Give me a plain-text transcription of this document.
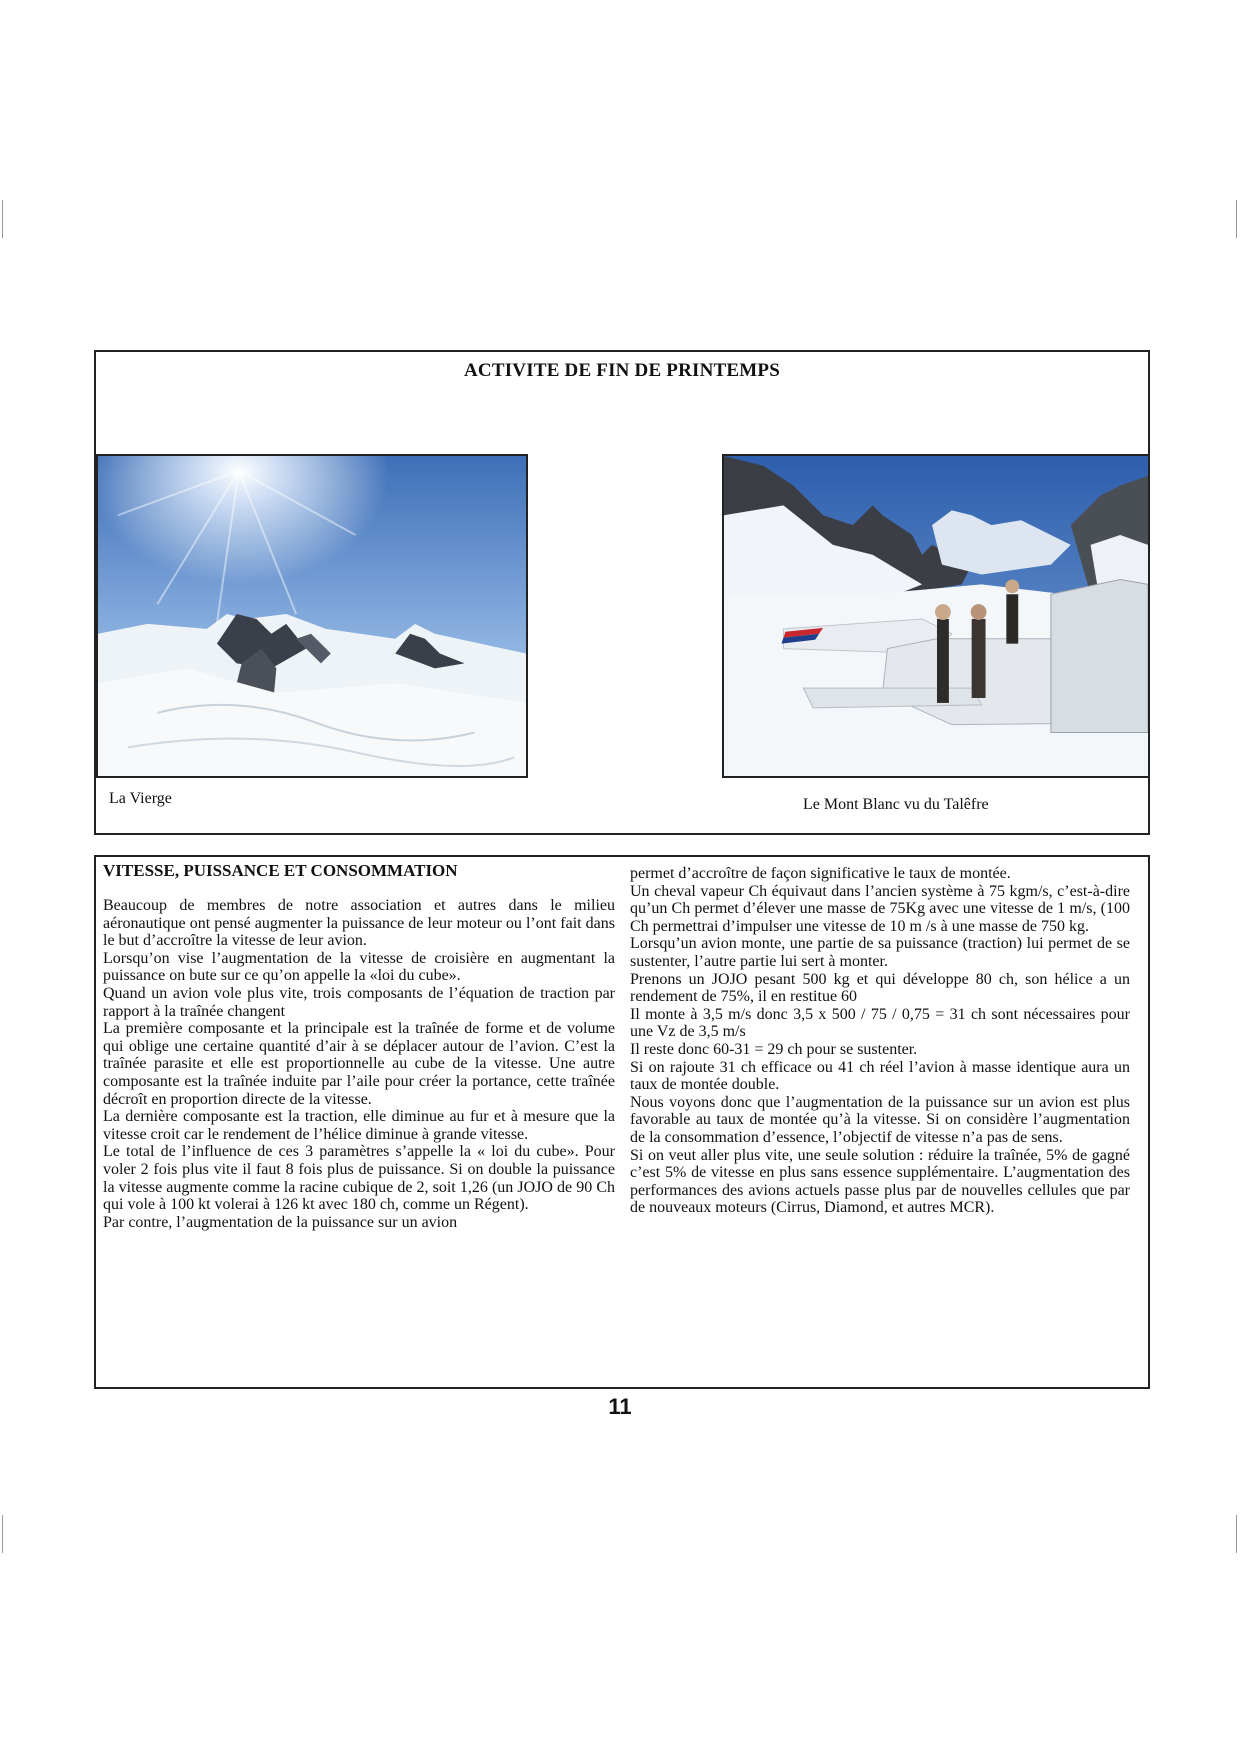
ACTIVITE DE FIN DE PRINTEMPS
La Vierge	Le Mont Blanc vu du Talêfre
VITESSE, PUISSANCE ET CONSOMMATION

Beaucoup de membres de notre association et autres dans le milieu aéronautique ont pensé augmenter la puissance de leur moteur ou l’ont fait dans le but d’accroître la vitesse de leur avion.

Lorsqu’on vise l’augmentation de la vitesse de croisière en augmentant la puissance on bute sur ce qu’on appelle la «loi du cube».

Quand un avion vole plus vite, trois composants de l’équation de traction par rapport à la traînée changent

La première composante et la principale est la traînée de forme et de volume qui oblige une certaine quantité d’air à se déplacer autour de l’avion. C’est la traînée parasite et elle est proportionnelle au cube de la vitesse. Une autre composante est la traînée induite par l’aile pour créer la portance, cette traînée décroît en proportion directe de la vitesse.

La dernière composante est la traction, elle diminue au fur et à mesure que la vitesse croit car le rendement de l’hélice diminue à grande vitesse.

Le total de l’influence de ces 3 paramètres s’appelle la « loi du cube». Pour voler 2 fois plus vite il faut 8 fois plus de puissance. Si on double la puissance la vitesse augmente comme la racine cubique de 2, soit 1,26 (un JOJO de 90 Ch qui vole à 100 kt volerai à 126 kt avec 180 ch, comme un Régent).

Par contre, l’augmentation de la puissance sur un avion

permet d’accroître de façon significative le taux de montée.

Un cheval vapeur Ch équivaut dans l’ancien système à 75 kgm/s, c’est-à-dire qu’un Ch permet d’élever une masse de 75Kg avec une vitesse de 1 m/s, (100 Ch permettrai d’impulser une vitesse de 10 m /s à une masse de 750 kg.

Lorsqu’un avion monte, une partie de sa puissance (traction) lui permet de se sustenter, l’autre partie lui sert à monter.

Prenons un JOJO pesant 500 kg et qui développe 80 ch, son hélice a un rendement de 75%, il en restitue 60

Il monte à 3,5 m/s donc 3,5 x 500 / 75 / 0,75 = 31 ch sont nécessaires pour une Vz de 3,5 m/s

Il reste donc 60-31 = 29 ch pour se sustenter.

Si on rajoute 31 ch efficace ou 41 ch réel l’avion à masse identique aura un taux de montée double.

Nous voyons donc que l’augmentation de la puissance sur un avion est plus favorable au taux de montée qu’à la vitesse. Si on considère l’augmentation de la consommation d’essence, l’objectif de vitesse n’a pas de sens.

Si on veut aller plus vite, une seule solution : réduire la traînée, 5% de gagné c’est 5% de vitesse en plus sans essence supplémentaire. L’augmentation des performances des avions actuels passe plus par de nouvelles cellules que par de nouveaux moteurs (Cirrus, Diamond, et autres MCR).

11
